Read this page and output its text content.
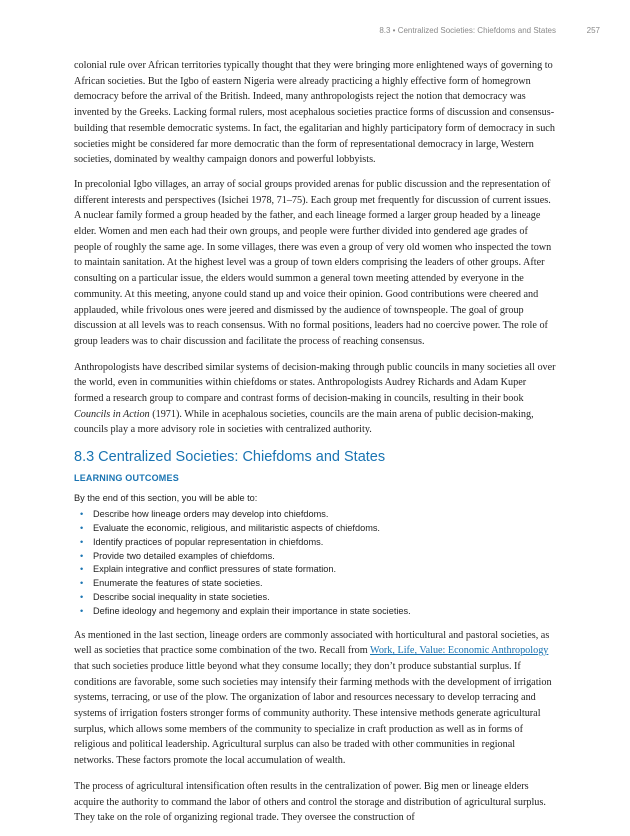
8.3 • Centralized Societies: Chiefdoms and States	257

colonial rule over African territories typically thought that they were bringing more enlightened ways of governing to African societies. But the Igbo of eastern Nigeria were already practicing a highly effective form of homegrown democracy before the arrival of the British. Indeed, many anthropologists reject the notion that democracy was invented by the Greeks. Lacking formal rulers, most acephalous societies practice forms of discussion and consensus-building that resemble democratic systems. In fact, the egalitarian and highly participatory form of democracy in such societies might be considered far more democratic than the form of representational democracy in large, Western societies, dominated by wealthy campaign donors and powerful lobbyists.

In precolonial Igbo villages, an array of social groups provided arenas for public discussion and the representation of different interests and perspectives (Isichei 1978, 71–75). Each group met frequently for discussion of current issues. A nuclear family formed a group headed by the father, and each lineage formed a larger group headed by a lineage elder. Women and men each had their own groups, and people were further divided into gendered age grades of people of roughly the same age. In some villages, there was even a group of very old women who inspected the town to maintain sanitation. At the highest level was a group of town elders comprising the leaders of other groups. After consulting on a particular issue, the elders would summon a general town meeting attended by everyone in the community. At this meeting, anyone could stand up and voice their opinion. Good contributions were cheered and applauded, while frivolous ones were jeered and dismissed by the audience of townspeople. The goal of group discussion at all levels was to reach consensus. With no formal positions, leaders had no coercive power. The role of group leaders was to chair discussion and facilitate the process of reaching consensus.

Anthropologists have described similar systems of decision-making through public councils in many societies all over the world, even in communities within chiefdoms or states. Anthropologists Audrey Richards and Adam Kuper formed a research group to compare and contrast forms of decision-making in councils, resulting in their book Councils in Action (1971). While in acephalous societies, councils are the main arena of public decision-making, councils play a more advisory role in societies with centralized authority.

8.3 Centralized Societies: Chiefdoms and States
LEARNING OUTCOMES
By the end of this section, you will be able to:
• Describe how lineage orders may develop into chiefdoms.
• Evaluate the economic, religious, and militaristic aspects of chiefdoms.
• Identify practices of popular representation in chiefdoms.
• Provide two detailed examples of chiefdoms.
• Explain integrative and conflict pressures of state formation.
• Enumerate the features of state societies.
• Describe social inequality in state societies.
• Define ideology and hegemony and explain their importance in state societies.

As mentioned in the last section, lineage orders are commonly associated with horticultural and pastoral societies, as well as societies that practice some combination of the two. Recall from Work, Life, Value: Economic Anthropology that such societies produce little beyond what they consume locally; they don’t produce substantial surplus. If conditions are favorable, some such societies may intensify their farming methods with the development of irrigation systems, terracing, or use of the plow. The organization of labor and resources necessary to develop terracing and systems of irrigation fosters stronger forms of community authority. These intensive methods generate agricultural surplus, which allows some members of the community to specialize in craft production as well as in forms of religious and political leadership. Agricultural surplus can also be traded with other communities in regional networks. These factors promote the local accumulation of wealth.

The process of agricultural intensification often results in the centralization of power. Big men or lineage elders acquire the authority to command the labor of others and control the storage and distribution of agricultural surplus. They take on the role of organizing regional trade. They oversee the construction of
